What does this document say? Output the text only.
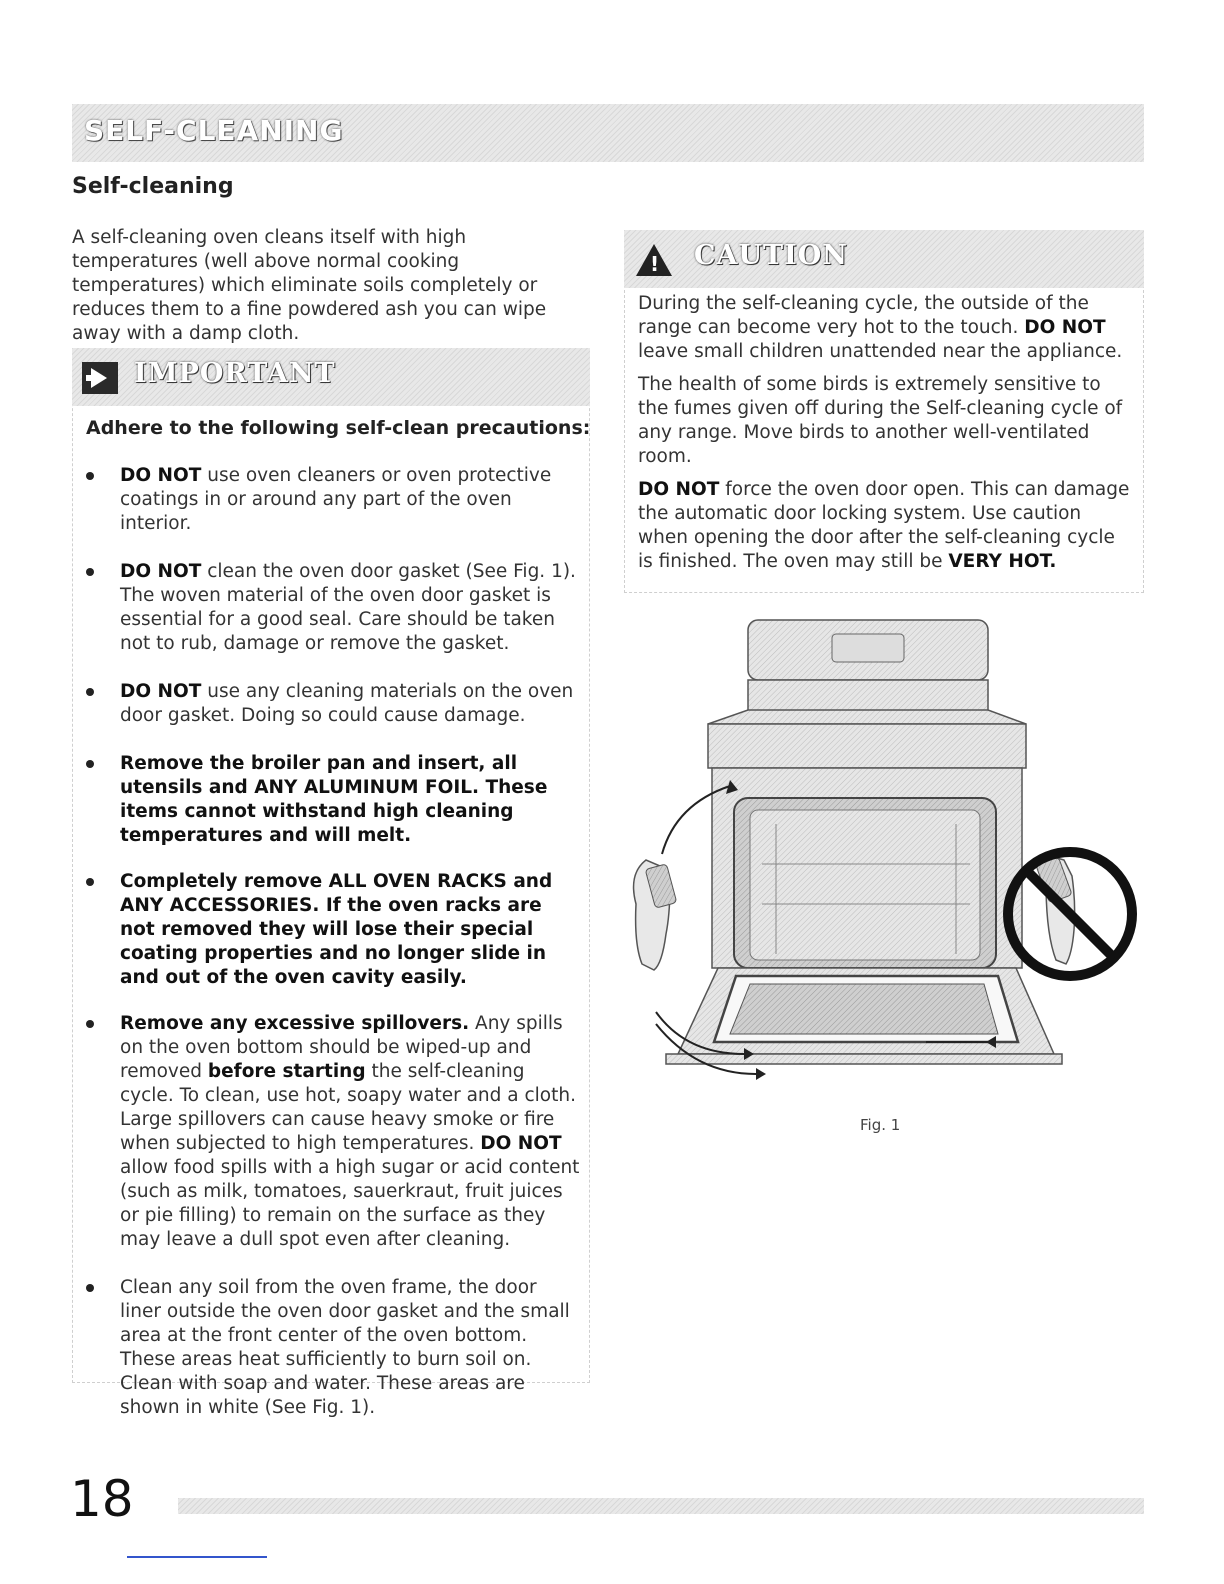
SELF-CLEANING
Self-cleaning

A self-cleaning oven cleans itself with high temperatures (well above normal cooking temperatures) which eliminate soils completely or reduces them to a fine powdered ash you can wipe away with a damp cloth.

IMPORTANT

Adhere to the following self-clean precautions:

DO NOT use oven cleaners or oven protective coatings in or around any part of the oven interior.
DO NOT clean the oven door gasket (See Fig. 1). The woven material of the oven door gasket is essential for a good seal. Care should be taken not to rub, damage or remove the gasket.
DO NOT use any cleaning materials on the oven door gasket. Doing so could cause damage.
Remove the broiler pan and insert, all utensils and ANY ALUMINUM FOIL. These items cannot withstand high cleaning temperatures and will melt.
Completely remove ALL OVEN RACKS and ANY ACCESSORIES. If the oven racks are not removed they will lose their special coating properties and no longer slide in and out of the oven cavity easily.
Remove any excessive spillovers. Any spills on the oven bottom should be wiped-up and removed before starting the self-cleaning cycle. To clean, use hot, soapy water and a cloth. Large spillovers can cause heavy smoke or fire when subjected to high temperatures. DO NOT allow food spills with a high sugar or acid content (such as milk, tomatoes, sauerkraut, fruit juices or pie filling) to remain on the surface as they may leave a dull spot even after cleaning.
Clean any soil from the oven frame, the door liner outside the oven door gasket and the small area at the front center of the oven bottom. These areas heat sufficiently to burn soil on. Clean with soap and water. These areas are shown in white (See Fig. 1).
!
CAUTION

During the self-cleaning cycle, the outside of the range can become very hot to the touch. DO NOT leave small children unattended near the appliance.

The health of some birds is extremely sensitive to the fumes given off during the Self-cleaning cycle of any range. Move birds to another well-ventilated room.

DO NOT force the oven door open. This can damage the automatic door locking system. Use caution when opening the door after the self-cleaning cycle is finished. The oven may still be VERY HOT.

Fig. 1
18
